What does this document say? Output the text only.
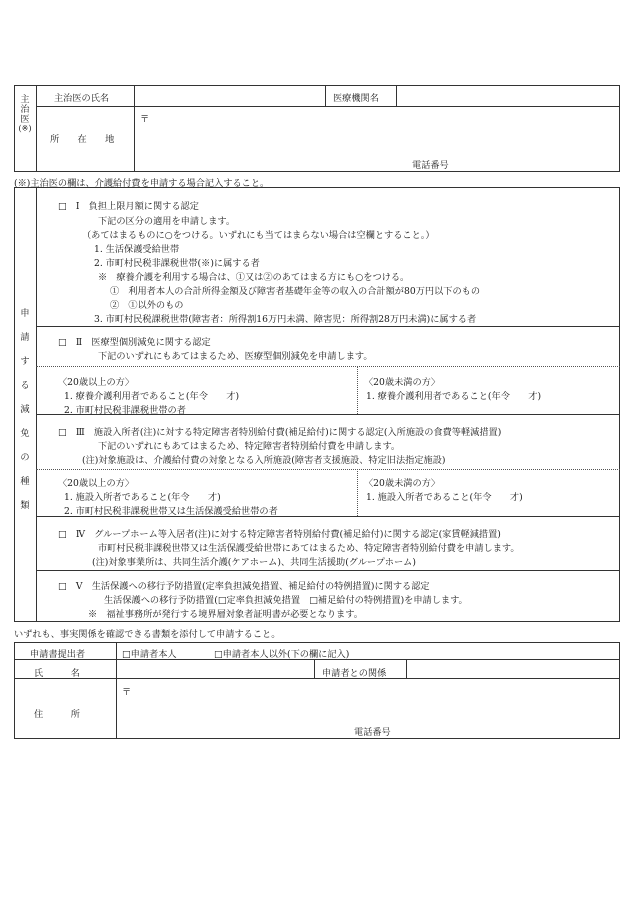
主
治
医
(※)
主治医の氏名	医療機関名
所　　在　　地
〒
電話番号
(※)主治医の欄は、介護給付費を申請する場合記入すること。
申
請
す
る
減
免
の
種
類
□　Ⅰ　負担上限月額に関する認定
下記の区分の適用を申請します。
（あてはまるものに○をつける。いずれにも当てはまらない場合は空欄とすること。）
1. 生活保護受給世帯
2. 市町村民税非課税世帯(※)に属する者
※　療養介護を利用する場合は、①又は②のあてはまる方にも○をつける。
①　利用者本人の合計所得金額及び障害者基礎年金等の収入の合計額が80万円以下のもの
②　①以外のもの
3. 市町村民税課税世帯(障害者：所得割16万円未満、障害児：所得割28万円未満)に属する者
□　Ⅱ　医療型個別減免に関する認定
下記のいずれにもあてはまるため、医療型個別減免を申請します。
〈20歳以上の方〉
1. 療養介護利用者であること(年令　　才)
2. 市町村民税非課税世帯の者
〈20歳未満の方〉
1. 療養介護利用者であること(年令　　才)
□　Ⅲ　施設入所者(注)に対する特定障害者特別給付費(補足給付)に関する認定(入所施設の食費等軽減措置)
下記のいずれにもあてはまるため、特定障害者特別給付費を申請します。
(注)対象施設は、介護給付費の対象となる入所施設(障害者支援施設、特定旧法指定施設)
〈20歳以上の方〉
1. 施設入所者であること(年令　　才)
2. 市町村民税非課税世帯又は生活保護受給世帯の者
〈20歳未満の方〉
1. 施設入所者であること(年令　　才)
□　Ⅳ　グループホーム等入居者(注)に対する特定障害者特別給付費(補足給付)に関する認定(家賃軽減措置)
市町村民税非課税世帯又は生活保護受給世帯にあてはまるため、特定障害者特別給付費を申請します。
(注)対象事業所は、共同生活介護(ケアホーム)、共同生活援助(グループホーム)
□　Ⅴ　生活保護への移行予防措置(定率負担減免措置、補足給付の特例措置)に関する認定
生活保護への移行予防措置(□定率負担減免措置　□補足給付の特例措置)を申請します。
※　福祉事務所が発行する境界層対象者証明書が必要となります。
いずれも、事実関係を確認できる書類を添付して申請すること。
申請書提出者	□申請者本人	□申請者本人以外(下の欄に記入)
氏　　　名	申請者との関係
住　　　所
〒
電話番号
